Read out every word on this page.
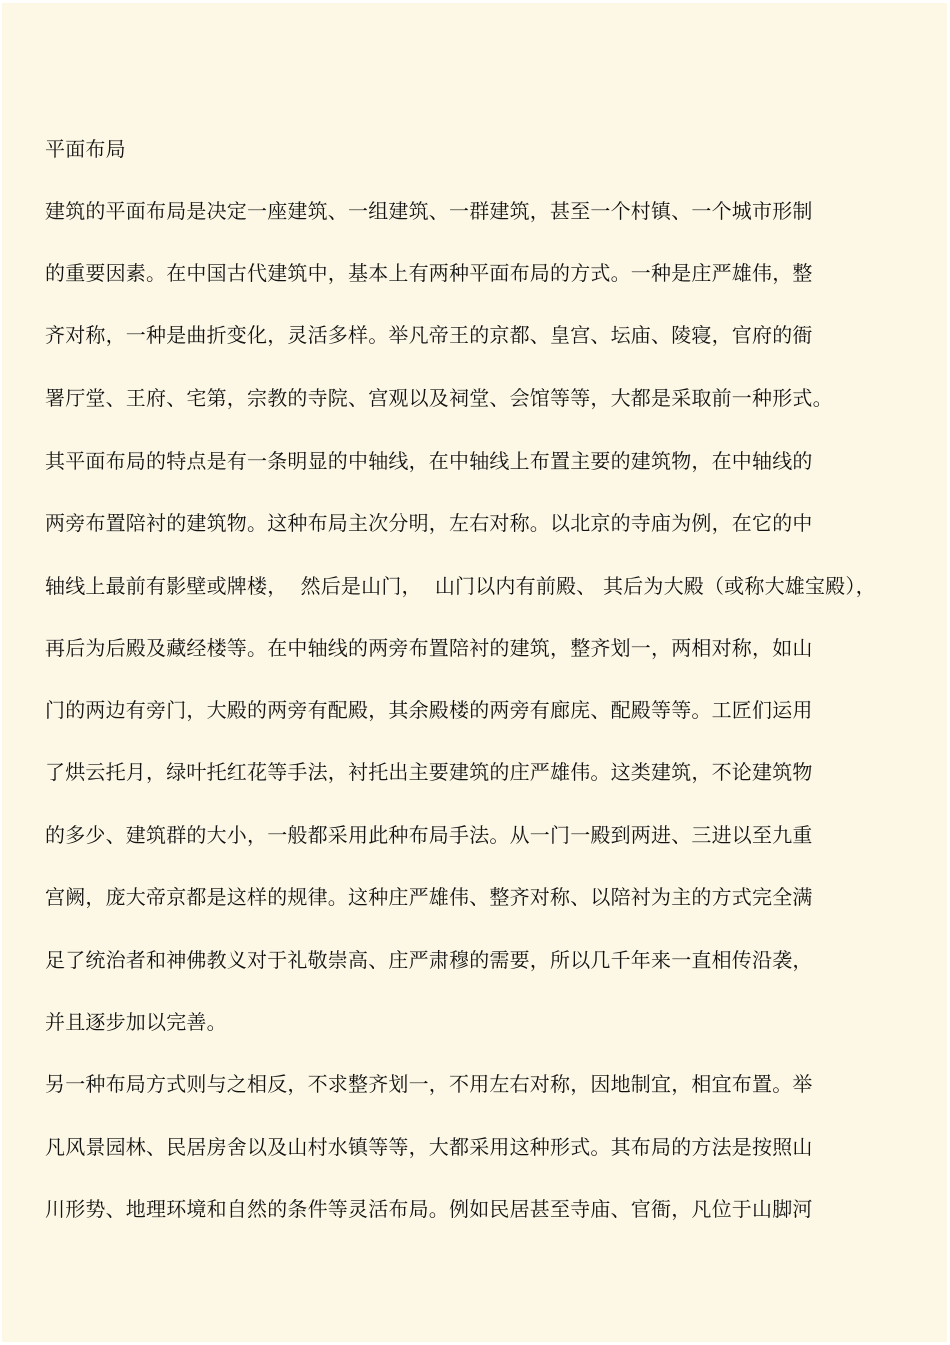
平面布局
建筑的平面布局是决定一座建筑、一组建筑、一群建筑，甚至一个村镇、一个城市形制
的重要因素。在中国古代建筑中，基本上有两种平面布局的方式。一种是庄严雄伟，整
齐对称，一种是曲折变化，灵活多样。举凡帝王的京都、皇宫、坛庙、陵寝，官府的衙
署厅堂、王府、宅第，宗教的寺院、宫观以及祠堂、会馆等等，大都是采取前一种形式。
其平面布局的特点是有一条明显的中轴线，在中轴线上布置主要的建筑物，在中轴线的
两旁布置陪衬的建筑物。这种布局主次分明，左右对称。以北京的寺庙为例，在它的中
轴线上最前有影壁或牌楼，  然后是山门，  山门以内有前殿、 其后为大殿（或称大雄宝殿），
再后为后殿及藏经楼等。在中轴线的两旁布置陪衬的建筑，整齐划一，两相对称，如山
门的两边有旁门，大殿的两旁有配殿，其余殿楼的两旁有廊庑、配殿等等。工匠们运用
了烘云托月，绿叶托红花等手法，衬托出主要建筑的庄严雄伟。这类建筑，不论建筑物
的多少、建筑群的大小，一般都采用此种布局手法。从一门一殿到两进、三进以至九重
宫阙，庞大帝京都是这样的规律。这种庄严雄伟、整齐对称、以陪衬为主的方式完全满
足了统治者和神佛教义对于礼敬崇高、庄严肃穆的需要，所以几千年来一直相传沿袭，
并且逐步加以完善。
另一种布局方式则与之相反，不求整齐划一，不用左右对称，因地制宜，相宜布置。举
凡风景园林、民居房舍以及山村水镇等等，大都采用这种形式。其布局的方法是按照山
川形势、地理环境和自然的条件等灵活布局。例如民居甚至寺庙、官衙，凡位于山脚河
